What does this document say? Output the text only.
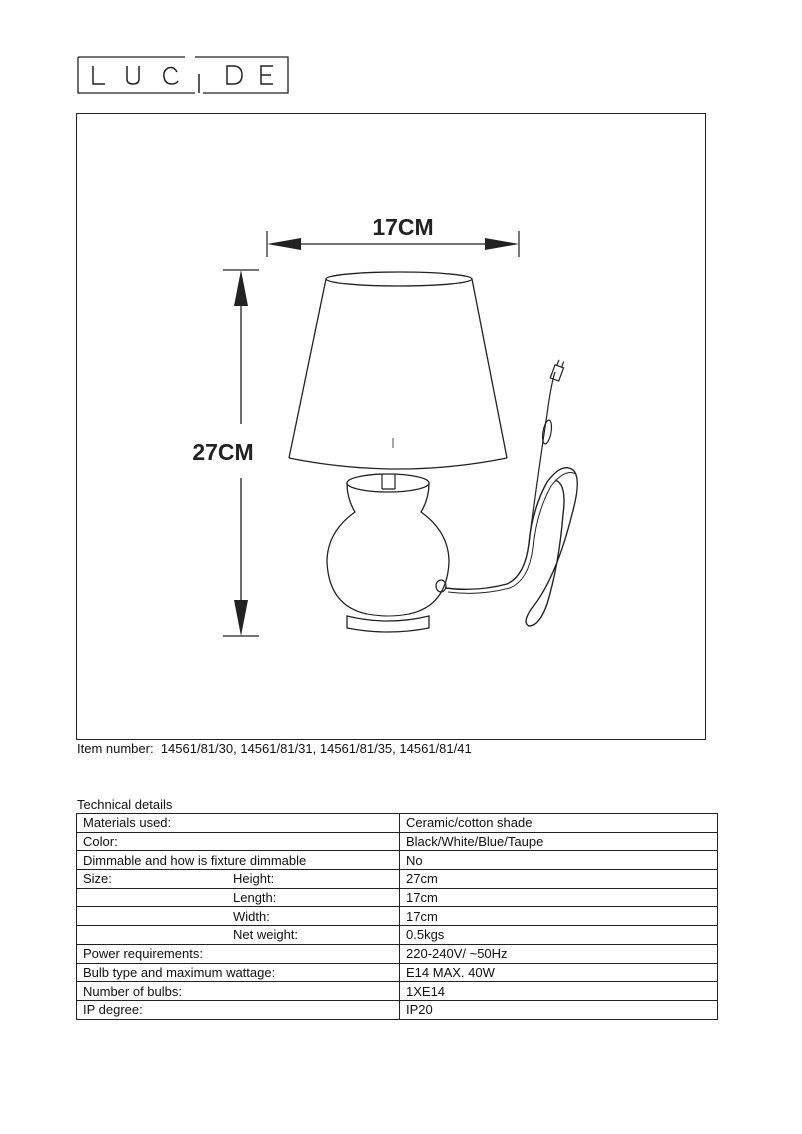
17CM
27CM
Item number: 14561/81/30, 14561/81/31, 14561/81/35, 14561/81/41
Technical details
Materials used:	Ceramic/cotton shade
Color:	Black/White/Blue/Taupe
Dimmable and how is fixture dimmable	No
Size: Height:	27cm
Length:	17cm
Width:	17cm
Net weight:	0.5kgs
Power requirements:	220-240V/ ~50Hz
Bulb type and maximum wattage:	E14 MAX. 40W
Number of bulbs:	1XE14
IP degree:	IP20
